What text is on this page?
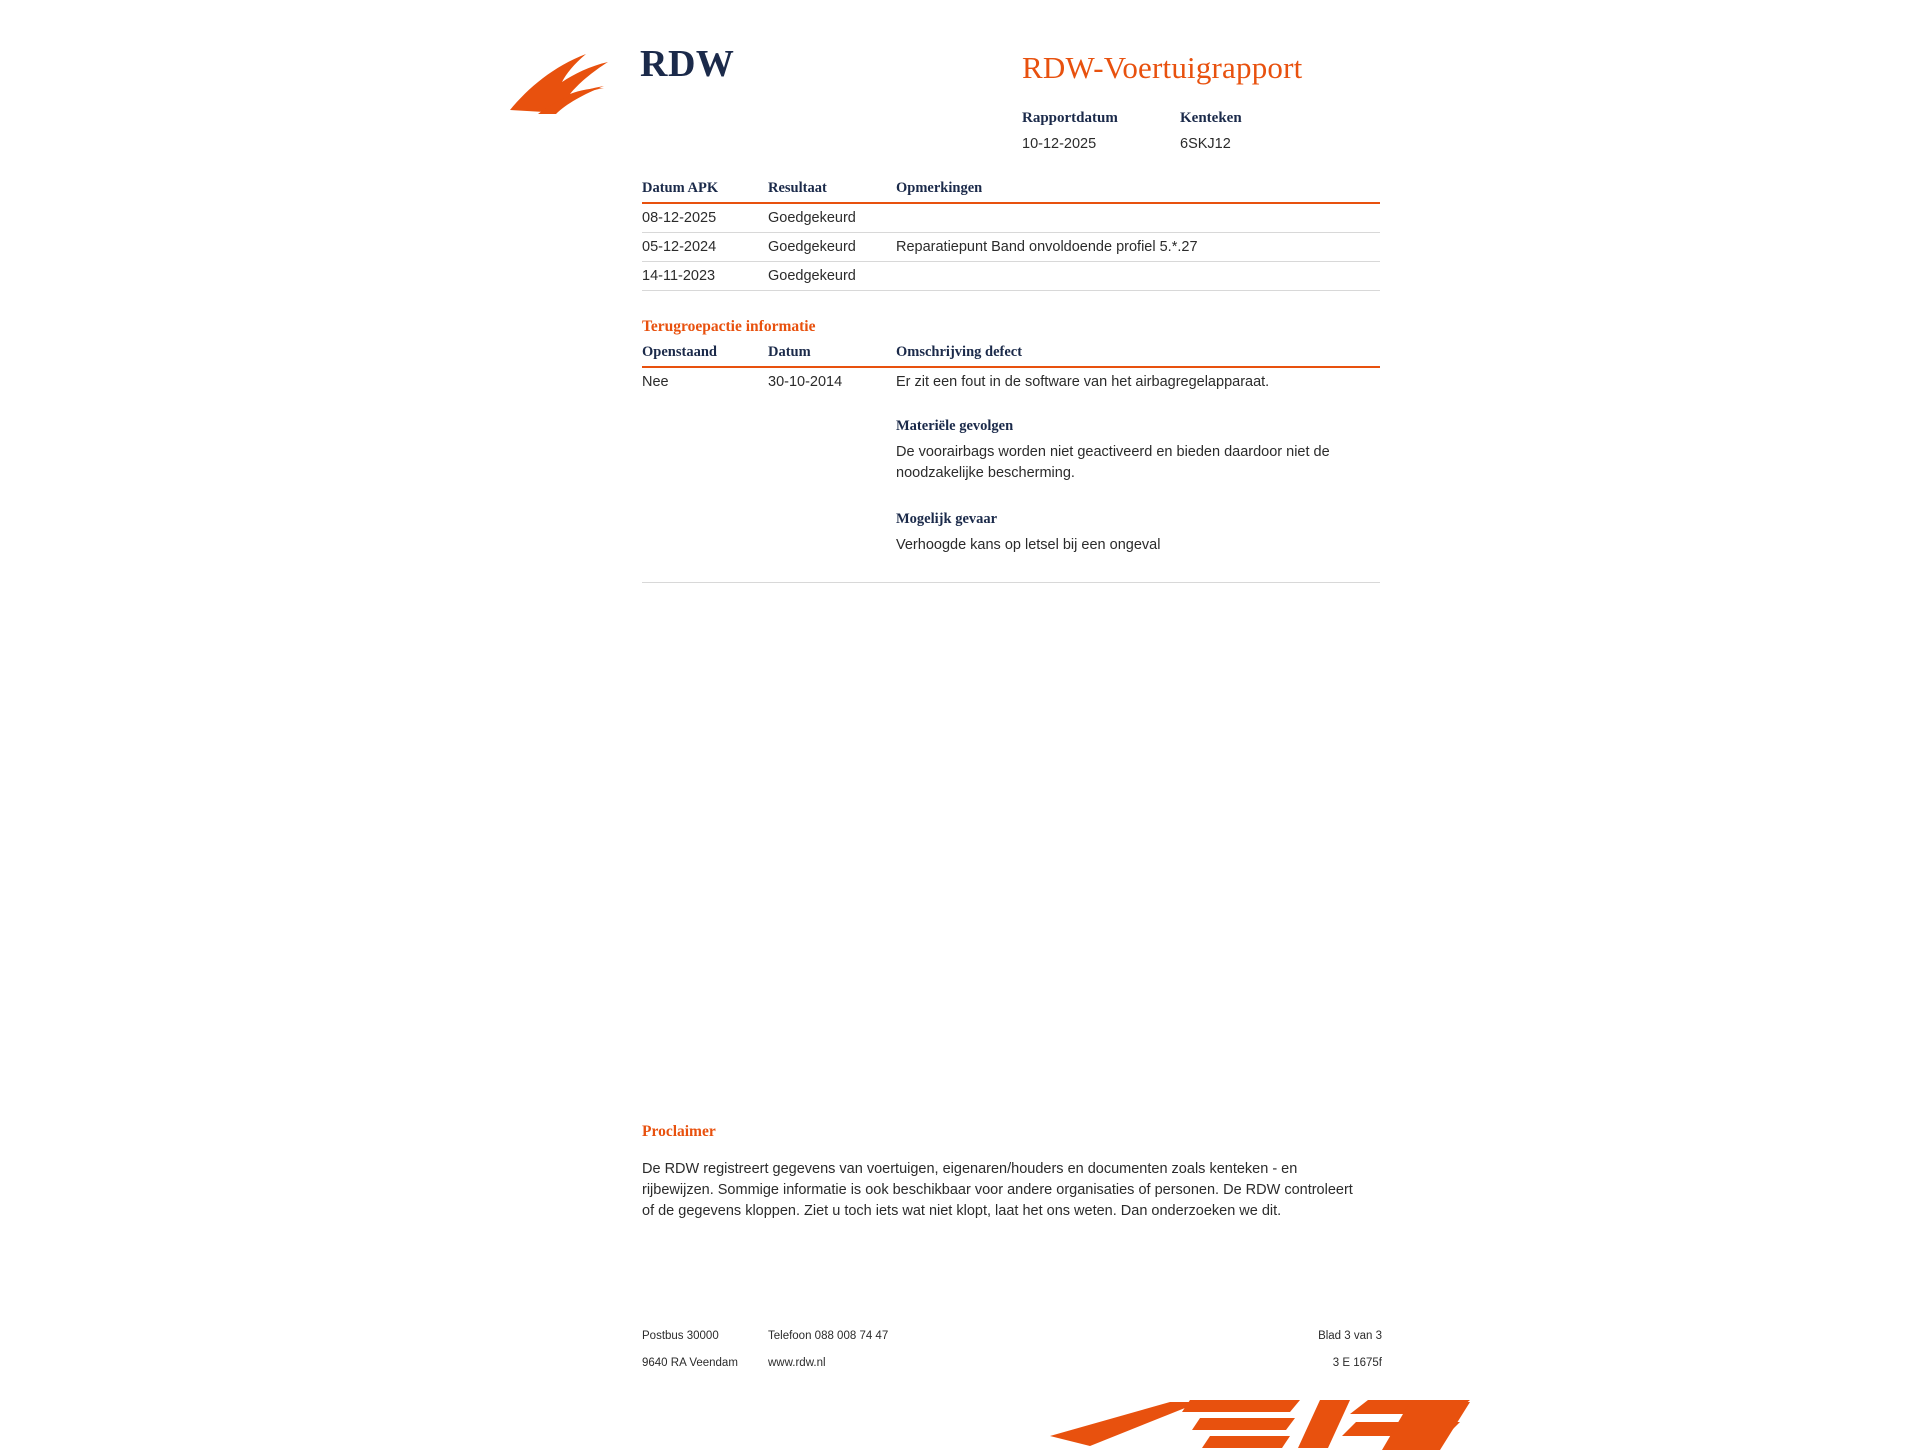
RDW	RDW-Voertuigrapport
Rapportdatum
10-12-2025
Kenteken
6SKJ12
Datum APK	Resultaat	Opmerkingen
08-12-2025	Goedgekeurd	
05-12-2024	Goedgekeurd	Reparatiepunt Band onvoldoende profiel 5.*.27
14-11-2023	Goedgekeurd	
Terugroepactie informatie
Openstaand	Datum	Omschrijving defect
Nee	30-10-2014	Er zit een fout in de software van het airbagregelapparaat.
Materiële gevolgen
De voorairbags worden niet geactiveerd en bieden daardoor niet de noodzakelijke bescherming.
Mogelijk gevaar
Verhoogde kans op letsel bij een ongeval

Proclaimer

De RDW registreert gegevens van voertuigen, eigenaren/houders en documenten zoals kenteken - en rijbewijzen. Sommige informatie is ook beschikbaar voor andere organisaties of personen. De RDW controleert of de gegevens kloppen. Ziet u toch iets wat niet klopt, laat het ons weten. Dan onderzoeken we dit.

Postbus 30000	Telefoon 088 008 74 47	Blad 3 van 3
9640 RA Veendam	www.rdw.nl	3 E 1675f
